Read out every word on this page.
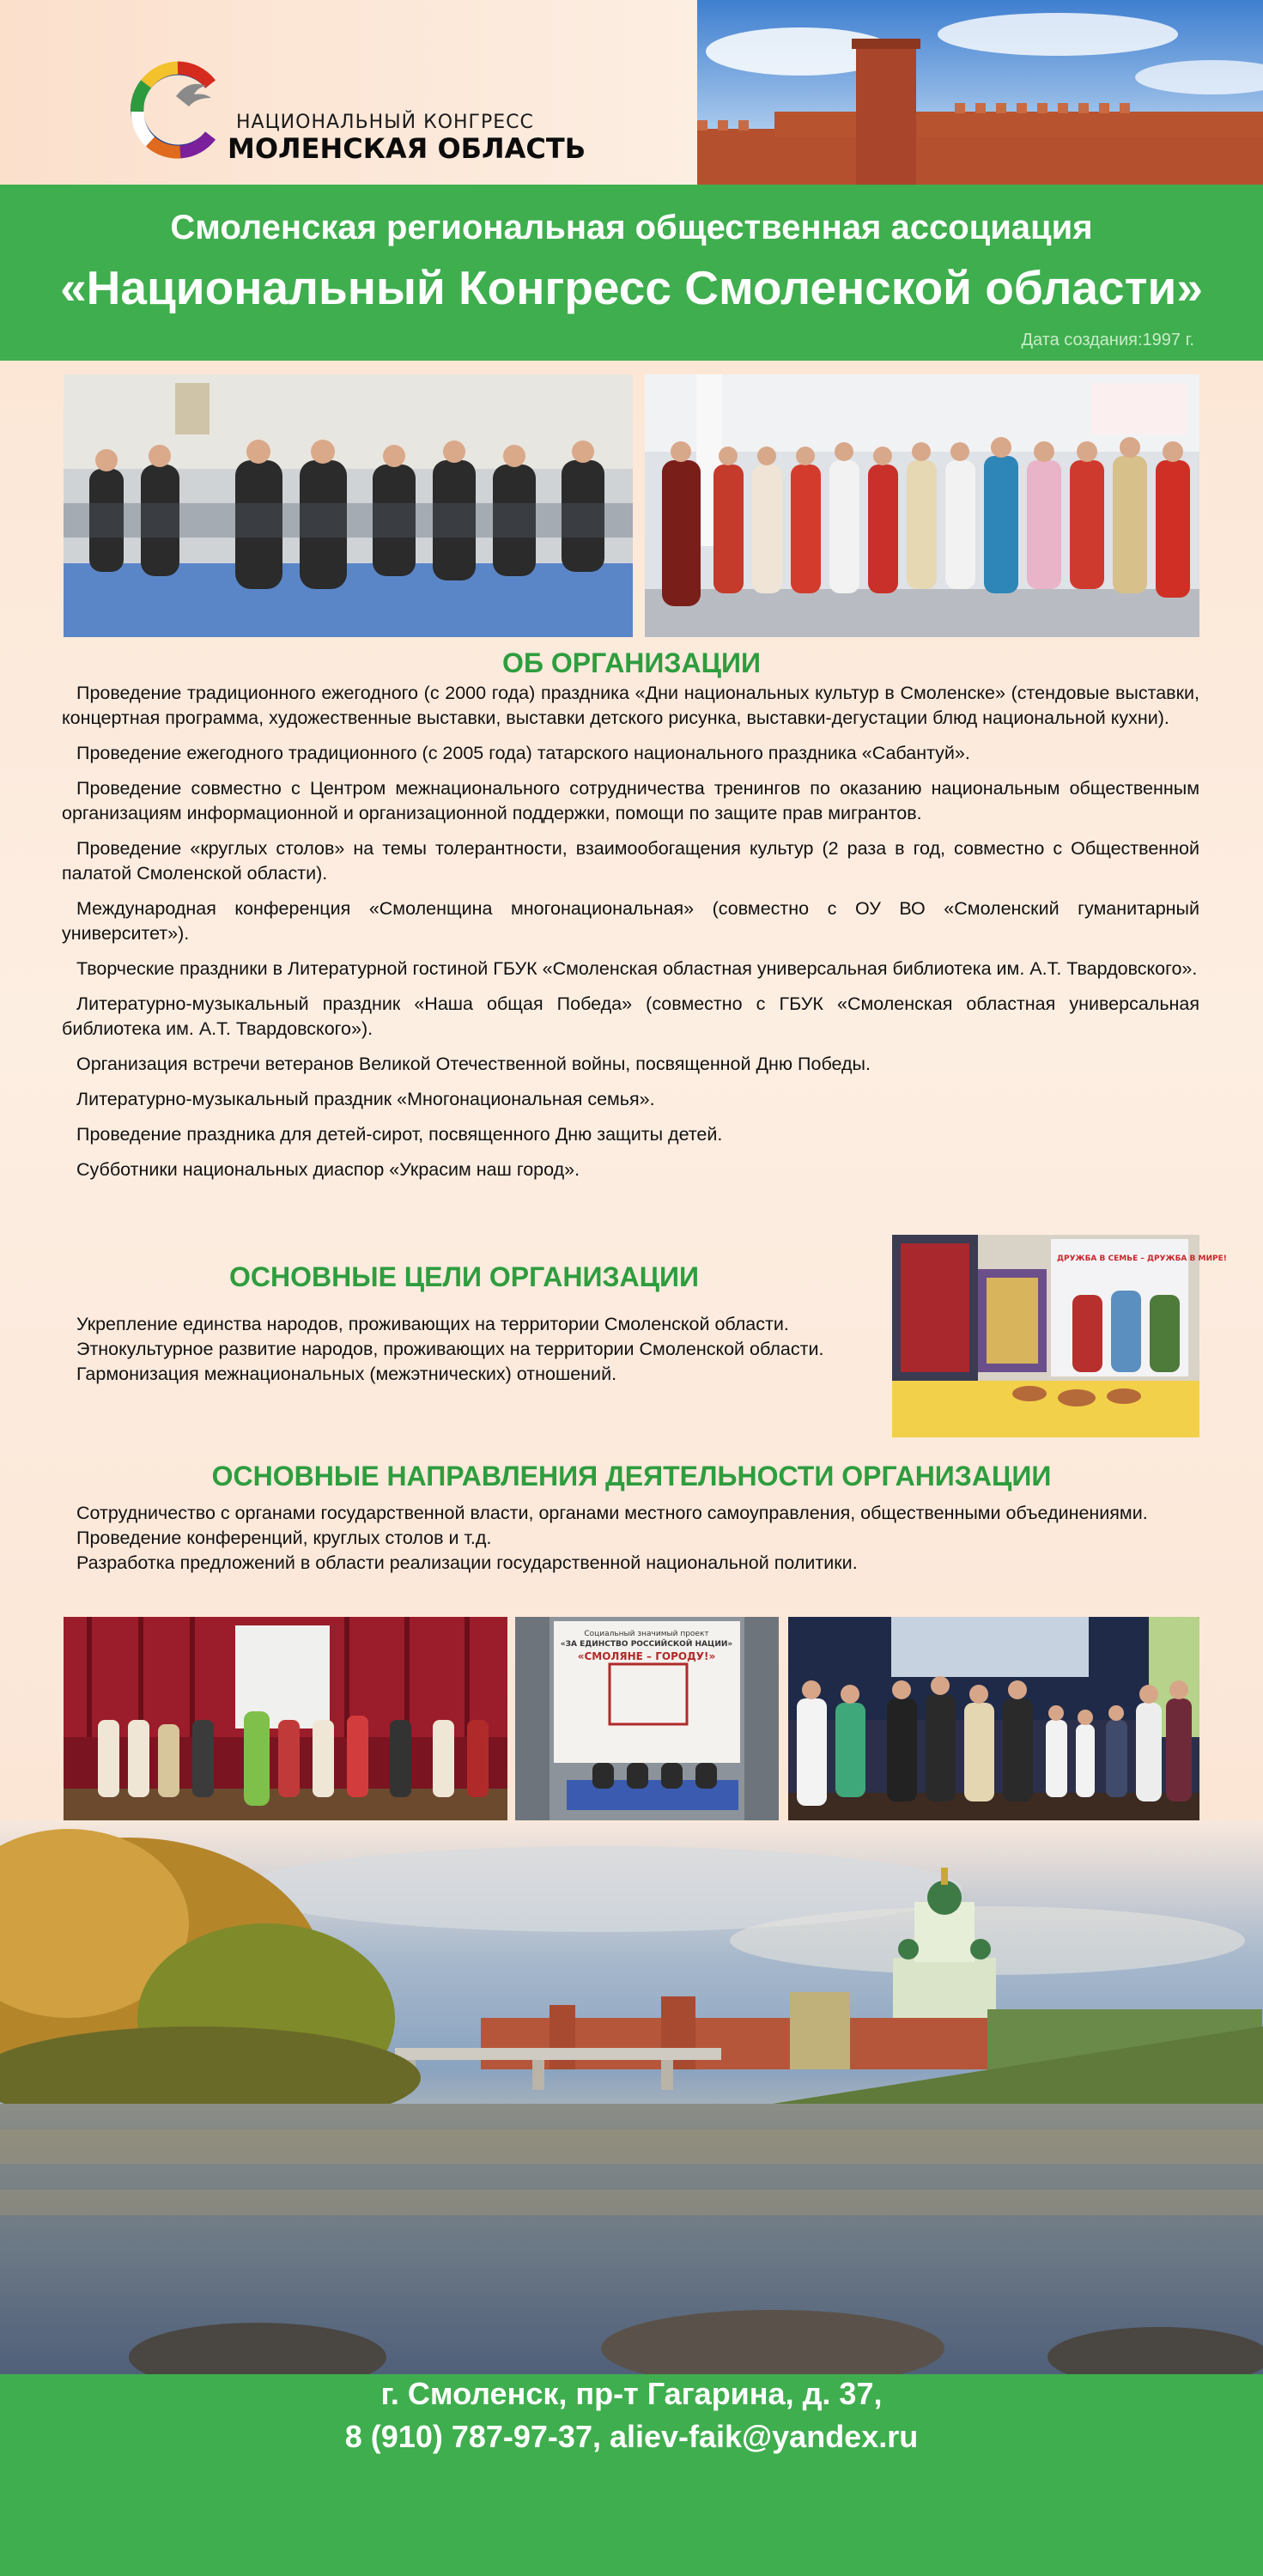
НАЦИОНАЛЬНЫЙ КОНГРЕСС
МОЛЕНСКАЯ ОБЛАСТЬ
Смоленская региональная общественная ассоциация
«Национальный Конгресс Смоленской области»
Дата создания:1997 г.
ОБ ОРГАНИЗАЦИИ

Проведение традиционного ежегодного (с 2000 года) праздника «Дни национальных культур в Смоленске» (стендовые выставки, концертная программа, художественные выставки, выставки детского рисунка, выставки-дегустации блюд национальной кухни).

Проведение ежегодного традиционного (с 2005 года) татарского национального праздника «Сабантуй».

Проведение совместно с Центром межнационального сотрудничества тренингов по оказанию национальным общественным организациям информационной и организационной поддержки, помощи по защите прав мигрантов.

Проведение «круглых столов» на темы толерантности, взаимообогащения культур (2 раза в год, совместно с Общественной палатой Смоленской области).

Международная конференция «Смоленщина многонациональная» (совместно с ОУ ВО «Смоленский гуманитарный университет»).

Творческие праздники в Литературной гостиной ГБУК «Смоленская областная универсальная библиотека им. А.Т. Твардовского».

Литературно-музыкальный праздник «Наша общая Победа» (совместно с ГБУК «Смоленская областная универсальная библиотека им. А.Т. Твардовского»).

Организация встречи ветеранов Великой Отечественной войны, посвященной Дню Победы.

Литературно-музыкальный праздник «Многонациональная семья».

Проведение праздника для детей-сирот, посвященного Дню защиты детей.

Субботники национальных диаспор «Украсим наш город».

ОСНОВНЫЕ ЦЕЛИ ОРГАНИЗАЦИИ

Укрепление единства народов, проживающих на территории Смоленской области.

Этнокультурное развитие народов, проживающих на территории Смоленской области.

Гармонизация межнациональных (межэтнических) отношений.

ДРУЖБА В СЕМЬЕ – ДРУЖБА В МИРЕ!
ОСНОВНЫЕ НАПРАВЛЕНИЯ ДЕЯТЕЛЬНОСТИ ОРГАНИЗАЦИИ

Сотрудничество с органами государственной власти, органами местного самоуправления, общественными объединениями.

Проведение конференций, круглых столов и т.д.

Разработка предложений в области реализации государственной национальной политики.

Социальный значимый проект
«ЗА ЕДИНСТВО РОССИЙСКОЙ НАЦИИ»
«СМОЛЯНЕ – ГОРОДУ!»
г. Смоленск, пр-т Гагарина, д. 37,
8 (910) 787-97-37, aliev-faik@yandex.ru
